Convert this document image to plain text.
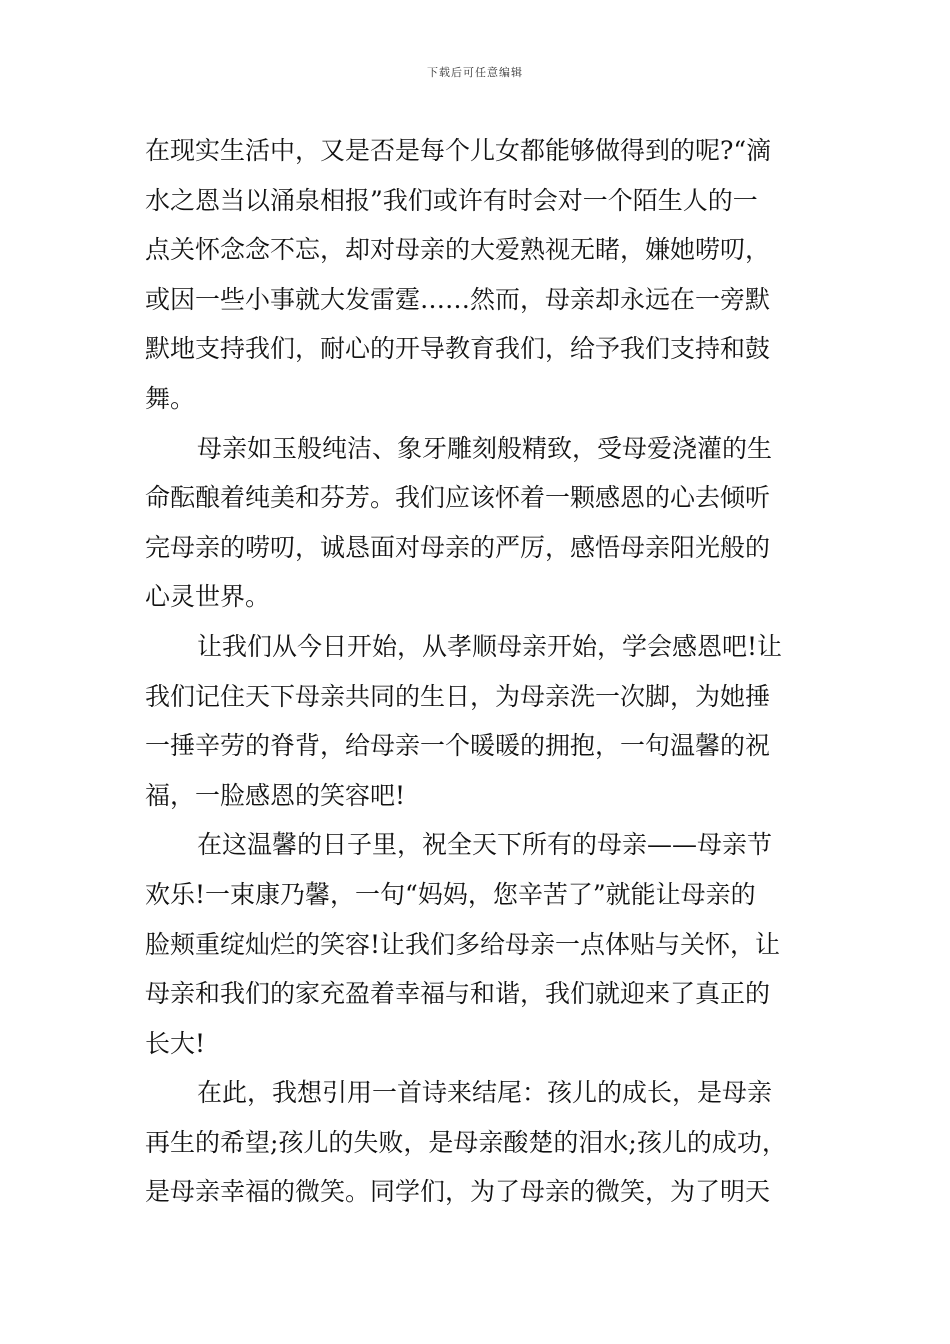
下载后可任意编辑
在现实生活中，又是否是每个儿女都能够做得到的呢?“滴
水之恩当以涌泉相报”我们或许有时会对一个陌生人的一
点关怀念念不忘，却对母亲的大爱熟视无睹，嫌她唠叨，
或因一些小事就大发雷霆……然而，母亲却永远在一旁默
默地支持我们，耐心的开导教育我们，给予我们支持和鼓
舞。
母亲如玉般纯洁、象牙雕刻般精致，受母爱浇灌的生
命酝酿着纯美和芬芳。我们应该怀着一颗感恩的心去倾听
完母亲的唠叨，诚恳面对母亲的严厉，感悟母亲阳光般的
心灵世界。
让我们从今日开始，从孝顺母亲开始，学会感恩吧!让
我们记住天下母亲共同的生日，为母亲洗一次脚，为她捶
一捶辛劳的脊背，给母亲一个暖暖的拥抱，一句温馨的祝
福，一脸感恩的笑容吧!
在这温馨的日子里，祝全天下所有的母亲——母亲节
欢乐!一束康乃馨，一句“妈妈，您辛苦了”就能让母亲的
脸颊重绽灿烂的笑容!让我们多给母亲一点体贴与关怀，让
母亲和我们的家充盈着幸福与和谐，我们就迎来了真正的
长大!
在此，我想引用一首诗来结尾：孩儿的成长，是母亲
再生的希望;孩儿的失败，是母亲酸楚的泪水;孩儿的成功，
是母亲幸福的微笑。同学们，为了母亲的微笑，为了明天
